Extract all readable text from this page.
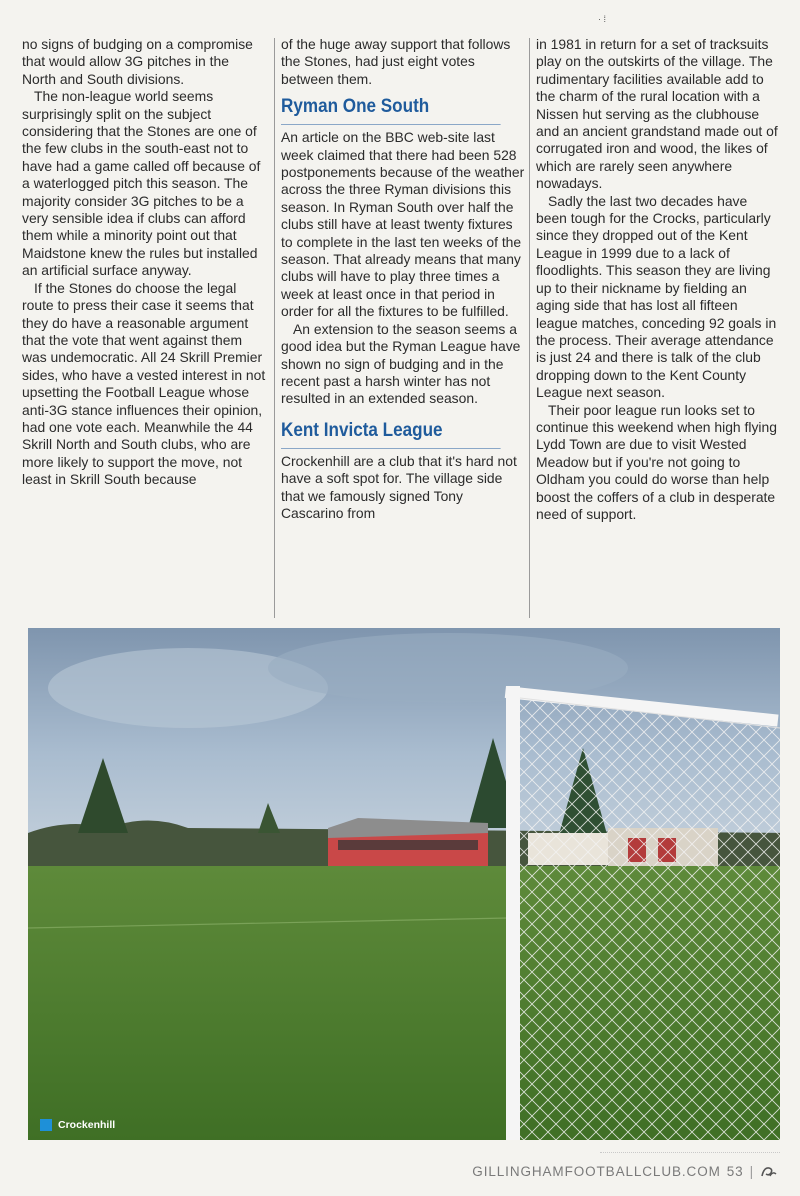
· ⁞

no signs of budging on a compromise that would allow 3G pitches in the North and South divisions.

The non-league world seems surprisingly split on the subject considering that the Stones are one of the few clubs in the south-east not to have had a game called off because of a waterlogged pitch this season. The majority consider 3G pitches to be a very sensible idea if clubs can afford them while a minority point out that Maidstone knew the rules but installed an artificial surface anyway.

If the Stones do choose the legal route to press their case it seems that they do have a reasonable argument that the vote that went against them was undemocratic. All 24 Skrill Premier sides, who have a vested interest in not upsetting the Football League whose anti-3G stance influences their opinion, had one vote each. Meanwhile the 44 Skrill North and South clubs, who are more likely to support the move, not least in Skrill South because

of the huge away support that follows the Stones, had just eight votes between them.

Ryman One South

An article on the BBC web-site last week claimed that there had been 528 postponements because of the weather across the three Ryman divisions this season. In Ryman South over half the clubs still have at least twenty fixtures to complete in the last ten weeks of the season. That already means that many clubs will have to play three times a week at least once in that period in order for all the fixtures to be fulfilled.

An extension to the season seems a good idea but the Ryman League have shown no sign of budging and in the recent past a harsh winter has not resulted in an extended season.

Kent Invicta League

Crockenhill are a club that it's hard not have a soft spot for. The village side that we famously signed Tony Cascarino from

in 1981 in return for a set of tracksuits play on the outskirts of the village. The rudimentary facilities available add to the charm of the rural location with a Nissen hut serving as the clubhouse and an ancient grandstand made out of corrugated iron and wood, the likes of which are rarely seen anywhere nowadays.

Sadly the last two decades have been tough for the Crocks, particularly since they dropped out of the Kent League in 1999 due to a lack of floodlights. This season they are living up to their nickname by fielding an aging side that has lost all fifteen league matches, conceding 92 goals in the process. Their average attendance is just 24 and there is talk of the club dropping down to the Kent County League next season.

Their poor league run looks set to continue this weekend when high flying Lydd Town are due to visit Wested Meadow but if you're not going to Oldham you could do worse than help boost the coffers of a club in desperate need of support.

Crockenhill
GILLINGHAMFOOTBALLCLUB.COM 53 |
